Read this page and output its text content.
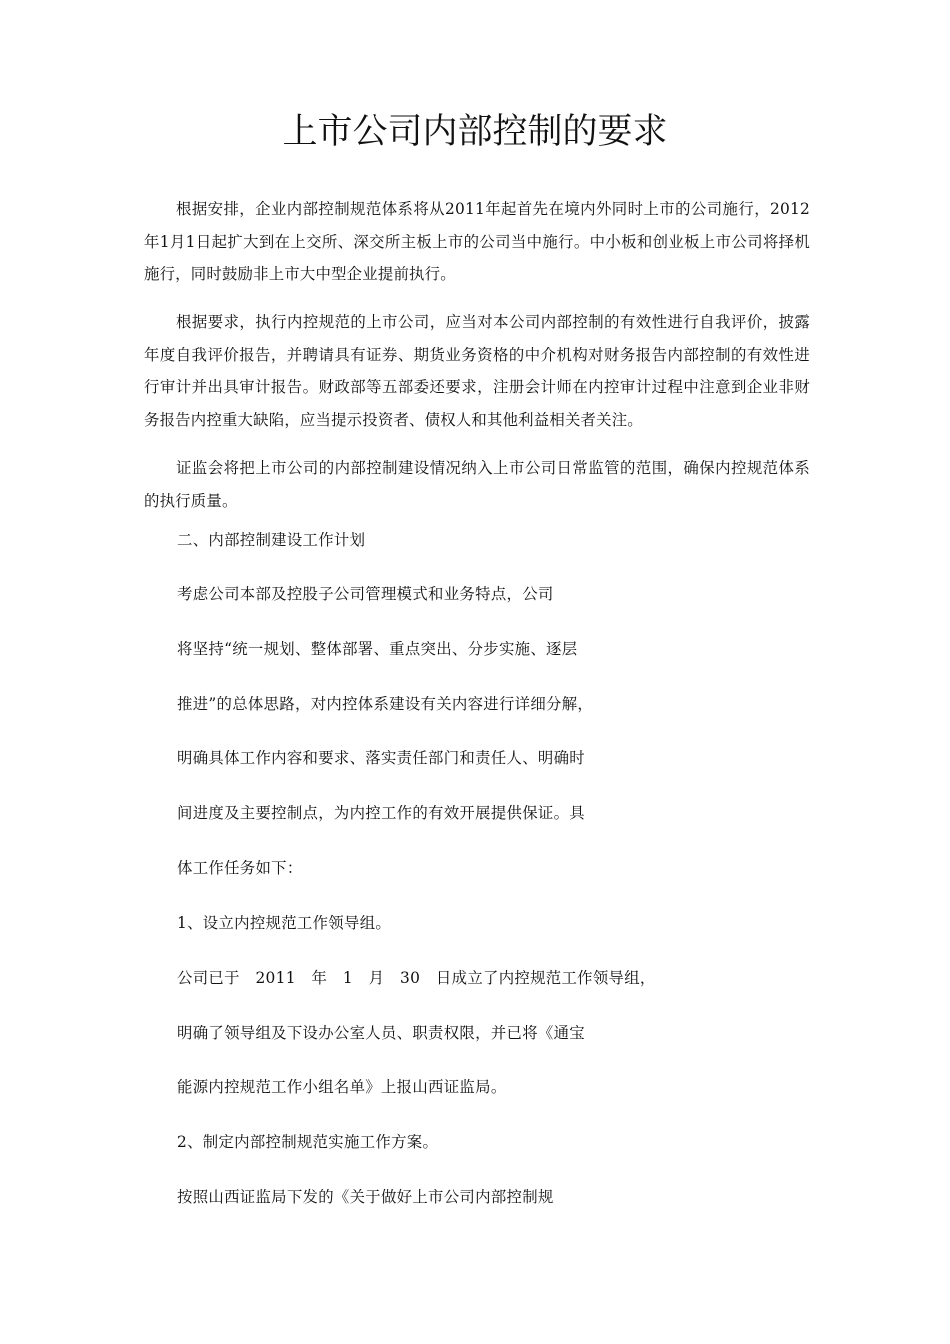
上市公司内部控制的要求

根据安排，企业内部控制规范体系将从2011年起首先在境内外同时上市的公司施行，2012年1月1日起扩大到在上交所、深交所主板上市的公司当中施行。中小板和创业板上市公司将择机施行，同时鼓励非上市大中型企业提前执行。

根据要求，执行内控规范的上市公司，应当对本公司内部控制的有效性进行自我评价，披露年度自我评价报告，并聘请具有证券、期货业务资格的中介机构对财务报告内部控制的有效性进行审计并出具审计报告。财政部等五部委还要求，注册会计师在内控审计过程中注意到企业非财务报告内控重大缺陷，应当提示投资者、债权人和其他利益相关者关注。

证监会将把上市公司的内部控制建设情况纳入上市公司日常监管的范围，确保内控规范体系的执行质量。

二、内部控制建设工作计划

考虑公司本部及控股子公司管理模式和业务特点，公司

将坚持“统一规划、整体部署、重点突出、分步实施、逐层

推进”的总体思路，对内控体系建设有关内容进行详细分解，

明确具体工作内容和要求、落实责任部门和责任人、明确时

间进度及主要控制点，为内控工作的有效开展提供保证。具

体工作任务如下：

1、设立内控规范工作领导组。

公司已于　2011　年　1　月　30　日成立了内控规范工作领导组，

明确了领导组及下设办公室人员、职责权限，并已将《通宝

能源内控规范工作小组名单》上报山西证监局。

2、制定内部控制规范实施工作方案。

按照山西证监局下发的《关于做好上市公司内部控制规
